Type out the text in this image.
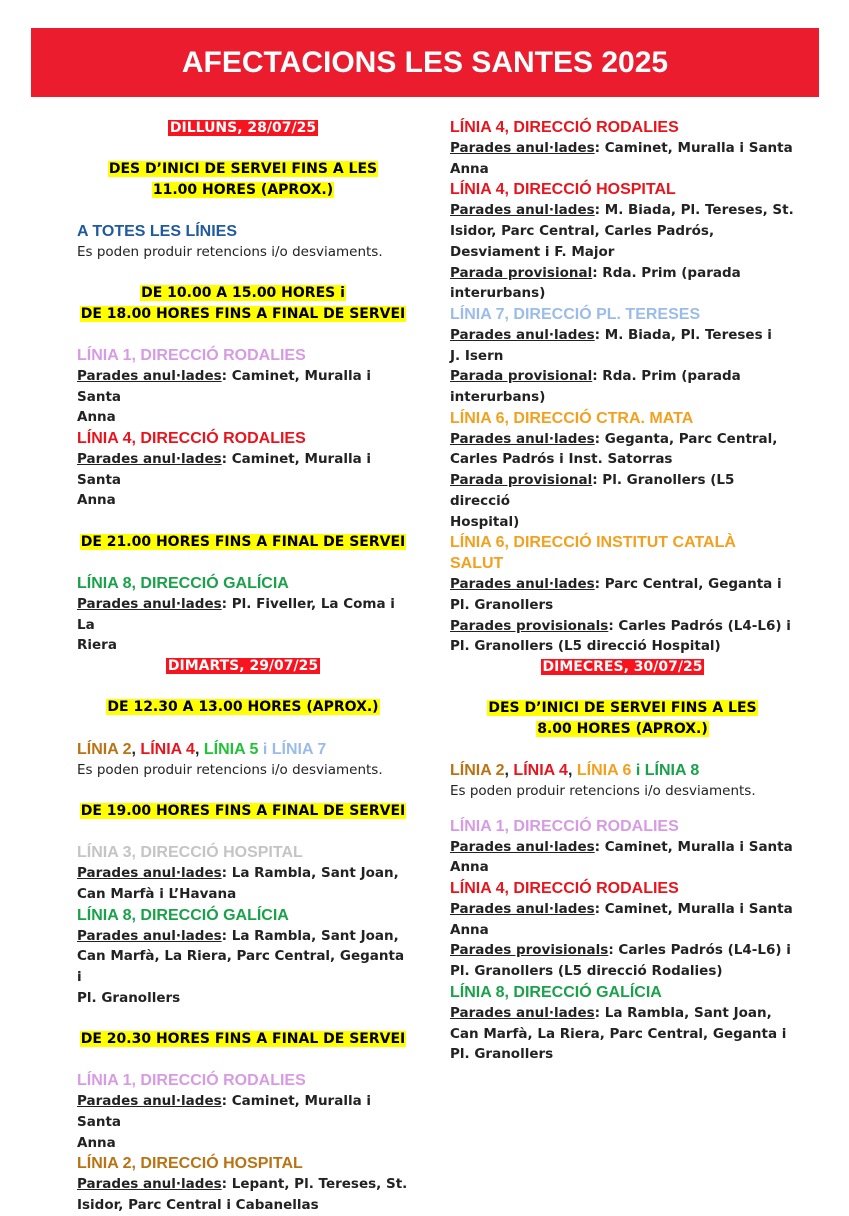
AFECTACIONS LES SANTES 2025
DILLUNS, 28/07/25
DES D’INICI DE SERVEI FINS A LES
11.00 HORES (APROX.)
A TOTES LES LÍNIES
Es poden produir retencions i/o desviaments.
DE 10.00 A 15.00 HORES i
DE 18.00 HORES FINS A FINAL DE SERVEI
LÍNIA 1, DIRECCIÓ RODALIES
Parades anul·lades: Caminet, Muralla i Santa
Anna
LÍNIA 4, DIRECCIÓ RODALIES
Parades anul·lades: Caminet, Muralla i Santa
Anna
DE 21.00 HORES FINS A FINAL DE SERVEI
LÍNIA 8, DIRECCIÓ GALÍCIA
Parades anul·lades: Pl. Fiveller, La Coma i La
Riera
DIMARTS, 29/07/25
DE 12.30 A 13.00 HORES (APROX.)
LÍNIA 2, LÍNIA 4, LÍNIA 5 i LÍNIA 7
Es poden produir retencions i/o desviaments.
DE 19.00 HORES FINS A FINAL DE SERVEI
LÍNIA 3, DIRECCIÓ HOSPITAL
Parades anul·lades: La Rambla, Sant Joan,
Can Marfà i L’Havana
LÍNIA 8, DIRECCIÓ GALÍCIA
Parades anul·lades: La Rambla, Sant Joan,
Can Marfà, La Riera, Parc Central, Geganta i
Pl. Granollers
DE 20.30 HORES FINS A FINAL DE SERVEI
LÍNIA 1, DIRECCIÓ RODALIES
Parades anul·lades: Caminet, Muralla i Santa
Anna
LÍNIA 2, DIRECCIÓ HOSPITAL
Parades anul·lades: Lepant, Pl. Tereses, St.
Isidor, Parc Central i Cabanellas
LÍNIA 4, DIRECCIÓ RODALIES
Parades anul·lades: Caminet, Muralla i Santa
Anna
LÍNIA 4, DIRECCIÓ HOSPITAL
Parades anul·lades: M. Biada, Pl. Tereses, St.
Isidor, Parc Central, Carles Padrós,
Desviament i F. Major
Parada provisional: Rda. Prim (parada
interurbans)
LÍNIA 7, DIRECCIÓ PL. TERESES
Parades anul·lades: M. Biada, Pl. Tereses i
J. Isern
Parada provisional: Rda. Prim (parada
interurbans)
LÍNIA 6, DIRECCIÓ CTRA. MATA
Parades anul·lades: Geganta, Parc Central,
Carles Padrós i Inst. Satorras
Parada provisional: Pl. Granollers (L5 direcció
Hospital)
LÍNIA 6, DIRECCIÓ INSTITUT CATALÀ
SALUT
Parades anul·lades: Parc Central, Geganta i
Pl. Granollers
Parades provisionals: Carles Padrós (L4-L6) i
Pl. Granollers (L5 direcció Hospital)
DIMECRES, 30/07/25
DES D’INICI DE SERVEI FINS A LES
8.00 HORES (APROX.)
LÍNIA 2, LÍNIA 4, LÍNIA 6 i LÍNIA 8
Es poden produir retencions i/o desviaments.
LÍNIA 1, DIRECCIÓ RODALIES
Parades anul·lades: Caminet, Muralla i Santa
Anna
LÍNIA 4, DIRECCIÓ RODALIES
Parades anul·lades: Caminet, Muralla i Santa
Anna
Parades provisionals: Carles Padrós (L4-L6) i
Pl. Granollers (L5 direcció Rodalies)
LÍNIA 8, DIRECCIÓ GALÍCIA
Parades anul·lades: La Rambla, Sant Joan,
Can Marfà, La Riera, Parc Central, Geganta i
Pl. Granollers
